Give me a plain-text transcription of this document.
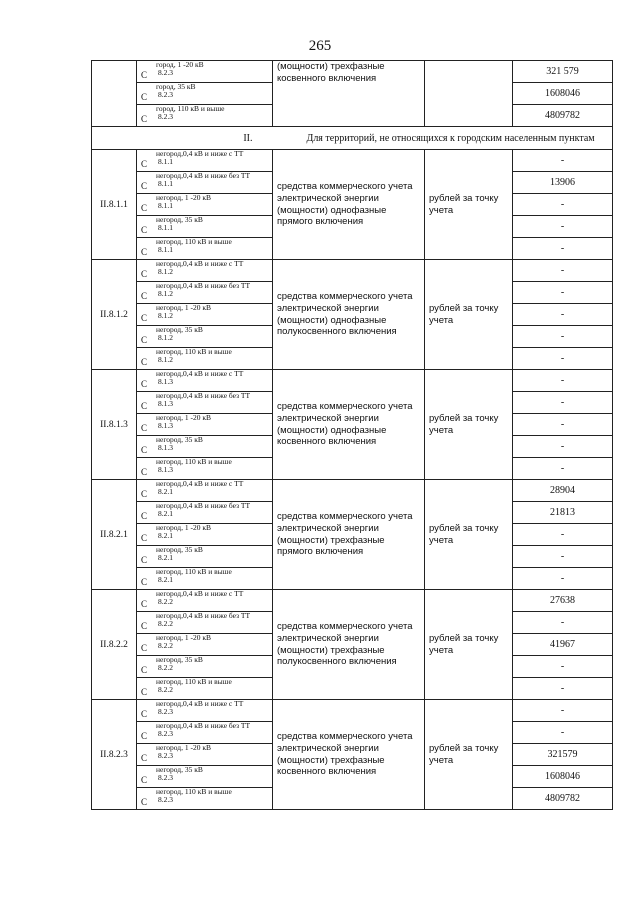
265

	город, 1 -20 кВ
8.2.3
С	(мощности) трехфазные косвенного включения		321 579

	город, 35 кВ
8.2.3
С			1608046

	город, 110 кВ и выше
8.2.3
С			4809782
II.		Для территорий, не относящихся к городским населенным пунктам		
II.8.1.1	негород,0,4 кВ и ниже с ТТ
8.1.1
С	средства коммерческого учета электрической энергии (мощности) однофазные прямого включения	рублей за точку учета	-

	негород,0,4 кВ и ниже без ТТ
8.1.1
С			13906

	негород, 1 -20 кВ
8.1.1
С			-

	негород, 35 кВ
8.1.1
С			-

	негород, 110 кВ и выше
8.1.1
С			-
II.8.1.2	негород,0,4 кВ и ниже с ТТ
8.1.2
С	средства коммерческого учета электрической энергии (мощности) однофазные полукосвенного включения	рублей за точку учета	-

	негород,0,4 кВ и ниже без ТТ
8.1.2
С			-

	негород, 1 -20 кВ
8.1.2
С			-

	негород, 35 кВ
8.1.2
С			-

	негород, 110 кВ и выше
8.1.2
С			-
II.8.1.3	негород,0,4 кВ и ниже с ТТ
8.1.3
С	средства коммерческого учета электрической энергии (мощности) однофазные косвенного включения	рублей за точку учета	-

	негород,0,4 кВ и ниже без ТТ
8.1.3
С			-

	негород, 1 -20 кВ
8.1.3
С			-

	негород, 35 кВ
8.1.3
С			-

	негород, 110 кВ и выше
8.1.3
С			-
II.8.2.1	негород,0,4 кВ и ниже с ТТ
8.2.1
С	средства коммерческого учета электрической энергии (мощности) трехфазные прямого включения	рублей за точку учета	28904

	негород,0,4 кВ и ниже без ТТ
8.2.1
С			21813

	негород, 1 -20 кВ
8.2.1
С			-

	негород, 35 кВ
8.2.1
С			-

	негород, 110 кВ и выше
8.2.1
С			-
II.8.2.2	негород,0,4 кВ и ниже с ТТ
8.2.2
С	средства коммерческого учета электрической энергии (мощности) трехфазные полукосвенного включения	рублей за точку учета	27638

	негород,0,4 кВ и ниже без ТТ
8.2.2
С			-

	негород, 1 -20 кВ
8.2.2
С			41967

	негород, 35 кВ
8.2.2
С			-

	негород, 110 кВ и выше
8.2.2
С			-
II.8.2.3	негород,0,4 кВ и ниже с ТТ
8.2.3
С	средства коммерческого учета электрической энергии (мощности) трехфазные косвенного включения	рублей за точку учета	-

	негород,0,4 кВ и ниже без ТТ
8.2.3
С			-

	негород, 1 -20 кВ
8.2.3
С			321579

	негород, 35 кВ
8.2.3
С			1608046

	негород, 110 кВ и выше
8.2.3
С			4809782
